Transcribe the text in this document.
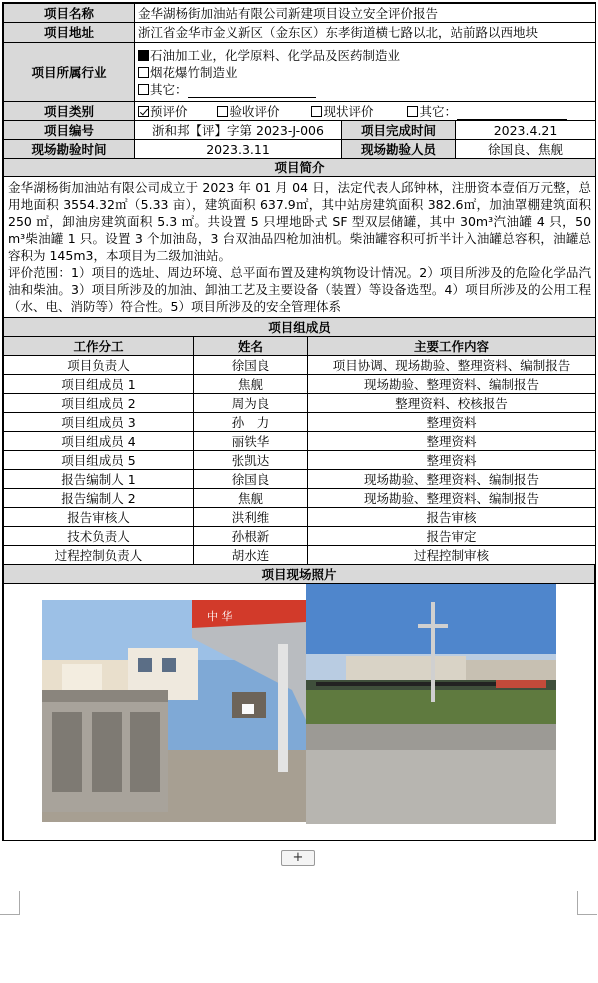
项目名称	金华湖杨街加油站有限公司新建项目设立安全评价报告		
项目地址	浙江省金华市金义新区（金东区）东孝街道横七路以北，站前路以西地块		
项目所属行业	石油加工业，化学原料、化学品及医药制造业
烟花爆竹制造业
其它：		

项目类别	预评价 验收评价 现状评价 其它：		
项目编号	浙和邦【评】字第 2023-J-006	项目完成时间	2023.4.21
现场勘验时间	2023.3.11	现场勘验人员	徐国良、焦舰
项目简介			

金华湖杨街加油站有限公司成立于 2023 年 01 月 04 日，法定代表人邱钟林，注册资本壹佰万元整，总用地面积 3554.32㎡（5.33 亩），建筑面积 637.9㎡，其中站房建筑面积 382.6㎡，加油罩棚建筑面积 250 ㎡，卸油房建筑面积 5.3 ㎡。共设置 5 只埋地卧式 SF 型双层储罐，其中 30m³汽油罐 4 只，50 m³柴油罐 1 只。设置 3 个加油岛，3 台双油品四枪加油机。柴油罐容积可折半计入油罐总容积，油罐总容积为 145m3，本项目为二级加油站。
评价范围：1）项目的选址、周边环境、总平面布置及建构筑物设计情况。2）项目所涉及的危险化学品汽油和柴油。3）项目所涉及的加油、卸油工艺及主要设备（装置）等设备选型。4）项目所涉及的公用工程（水、电、消防等）符合性。5）项目所涉及的安全管理体系			

项目组成员			
工作分工	姓名	主要工作内容
项目负责人	徐国良	项目协调、现场勘验、整理资料、编制报告
项目组成员 1	焦舰	现场勘验、整理资料、编制报告
项目组成员 2	周为良	整理资料、校核报告
项目组成员 3	孙　力	整理资料
项目组成员 4	丽铁华	整理资料
项目组成员 5	张凯达	整理资料
报告编制人 1	徐国良	现场勘验、整理资料、编制报告
报告编制人 2	焦舰	现场勘验、整理资料、编制报告
报告审核人	洪利维	报告审核
技术负责人	孙根新	报告审定
过程控制负责人	胡水连	过程控制审核
项目现场照片

中 华
+
